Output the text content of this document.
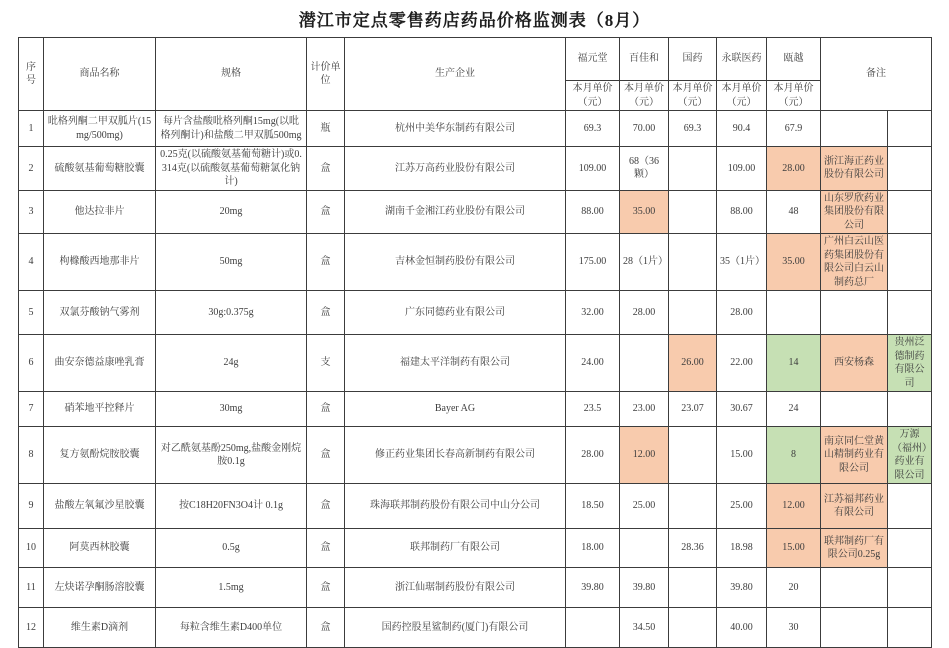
潜江市定点零售药店药品价格监测表（8月）
序号	商品名称	规格	计价单位	生产企业	福元堂	百佳和	国药	永联医药	瓯越	备注	
					本月单价（元）	本月单价（元）	本月单价（元）	本月单价（元）	本月单价（元）		
1	吡格列酮二甲双胍片(15mg/500mg)	每片含盐酸吡格列酮15mg(以吡格列酮计)和盐酸二甲双胍500mg	瓶	杭州中美华东制药有限公司	69.3	70.00	69.3	90.4	67.9		
2	硫酸氨基葡萄糖胶囊	0.25克(以硫酸氨基葡萄糖计)或0.314克(以硫酸氨基葡萄糖氯化钠计)	盒	江苏万高药业股份有限公司	109.00	68（36颗）		109.00	28.00	浙江海正药业股份有限公司	
3	他达拉非片	20mg	盒	湖南千金湘江药业股份有限公司	88.00	35.00		88.00	48	山东罗欣药业集团股份有限公司	
4	枸橼酸西地那非片	50mg	盒	吉林金恒制药股份有限公司	175.00	28（1片）		35（1片）	35.00	广州白云山医药集团股份有限公司白云山制药总厂	
5	双氯芬酸钠气雾剂	30g:0.375g	盒	广东同德药业有限公司	32.00	28.00		28.00			
6	曲安奈德益康唑乳膏	24g	支	福建太平洋制药有限公司	24.00		26.00	22.00	14	西安杨森	贵州泛德制药有限公司
7	硝苯地平控释片	30mg	盒	Bayer AG	23.5	23.00	23.07	30.67	24		
8	复方氨酚烷胺胶囊	对乙酰氨基酚250mg,盐酸金刚烷胺0.1g	盒	修正药业集团长春高新制药有限公司	28.00	12.00		15.00	8	南京同仁堂黄山精制药业有限公司	万源（福州）药业有限公司
9	盐酸左氧氟沙星胶囊	按C18H20FN3O4计 0.1g	盒	珠海联邦制药股份有限公司中山分公司	18.50	25.00		25.00	12.00	江苏福邦药业有限公司	
10	阿莫西林胶囊	0.5g	盒	联邦制药厂有限公司	18.00		28.36	18.98	15.00	联邦制药厂有限公司0.25g	
11	左炔诺孕酮肠溶胶囊	1.5mg	盒	浙江仙琚制药股份有限公司	39.80	39.80		39.80	20		
12	维生素D滴剂	每粒含维生素D400单位	盒	国药控股星鲨制药(厦门)有限公司		34.50		40.00	30		
